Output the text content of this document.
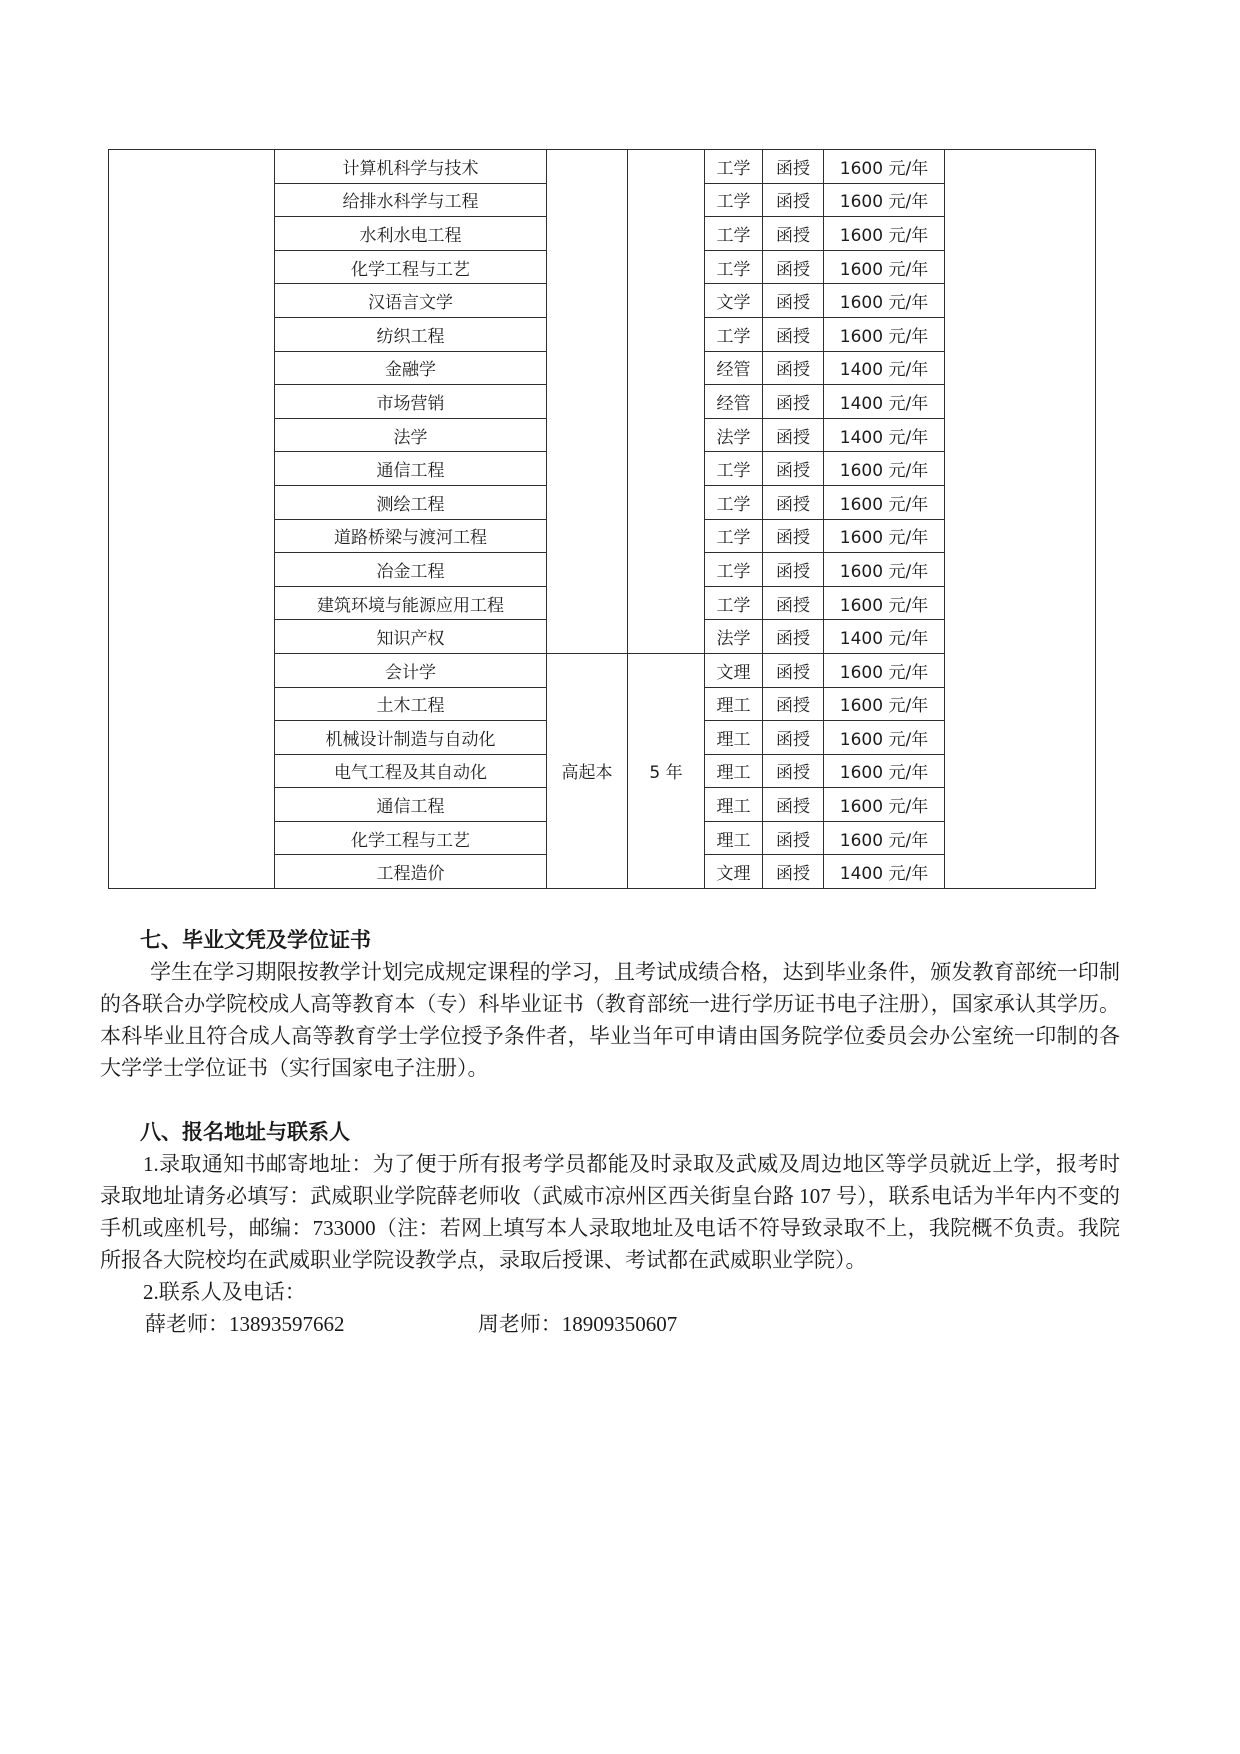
	计算机科学与技术			工学	函授	1600 元/年	
	给排水科学与工程			工学	函授	1600 元/年	
	水利水电工程			工学	函授	1600 元/年	
	化学工程与工艺			工学	函授	1600 元/年	
	汉语言文学			文学	函授	1600 元/年	
	纺织工程			工学	函授	1600 元/年	
	金融学			经管	函授	1400 元/年	
	市场营销			经管	函授	1400 元/年	
	法学			法学	函授	1400 元/年	
	通信工程			工学	函授	1600 元/年	
	测绘工程			工学	函授	1600 元/年	
	道路桥梁与渡河工程			工学	函授	1600 元/年	
	冶金工程			工学	函授	1600 元/年	
	建筑环境与能源应用工程			工学	函授	1600 元/年	
	知识产权			法学	函授	1400 元/年	
	会计学	高起本	5 年	文理	函授	1600 元/年	
	土木工程			理工	函授	1600 元/年	
	机械设计制造与自动化			理工	函授	1600 元/年	
	电气工程及其自动化			理工	函授	1600 元/年	
	通信工程			理工	函授	1600 元/年	
	化学工程与工艺			理工	函授	1600 元/年	
	工程造价			文理	函授	1400 元/年	
七、毕业文凭及学位证书

学生在学习期限按教学计划完成规定课程的学习，且考试成绩合格，达到毕业条件，颁发教育部统一印制的各联合办学院校成人高等教育本（专）科毕业证书（教育部统一进行学历证书电子注册），国家承认其学历。本科毕业且符合成人高等教育学士学位授予条件者，毕业当年可申请由国务院学位委员会办公室统一印制的各大学学士学位证书（实行国家电子注册）。

八、报名地址与联系人

1.录取通知书邮寄地址：为了便于所有报考学员都能及时录取及武威及周边地区等学员就近上学，报考时录取地址请务必填写：武威职业学院薛老师收（武威市凉州区西关街皇台路 107 号），联系电话为半年内不变的手机或座机号，邮编：733000（注：若网上填写本人录取地址及电话不符导致录取不上，我院概不负责。我院所报各大院校均在武威职业学院设教学点，录取后授课、考试都在武威职业学院）。

2.联系人及电话：

薛老师：13893597662	周老师：18909350607
